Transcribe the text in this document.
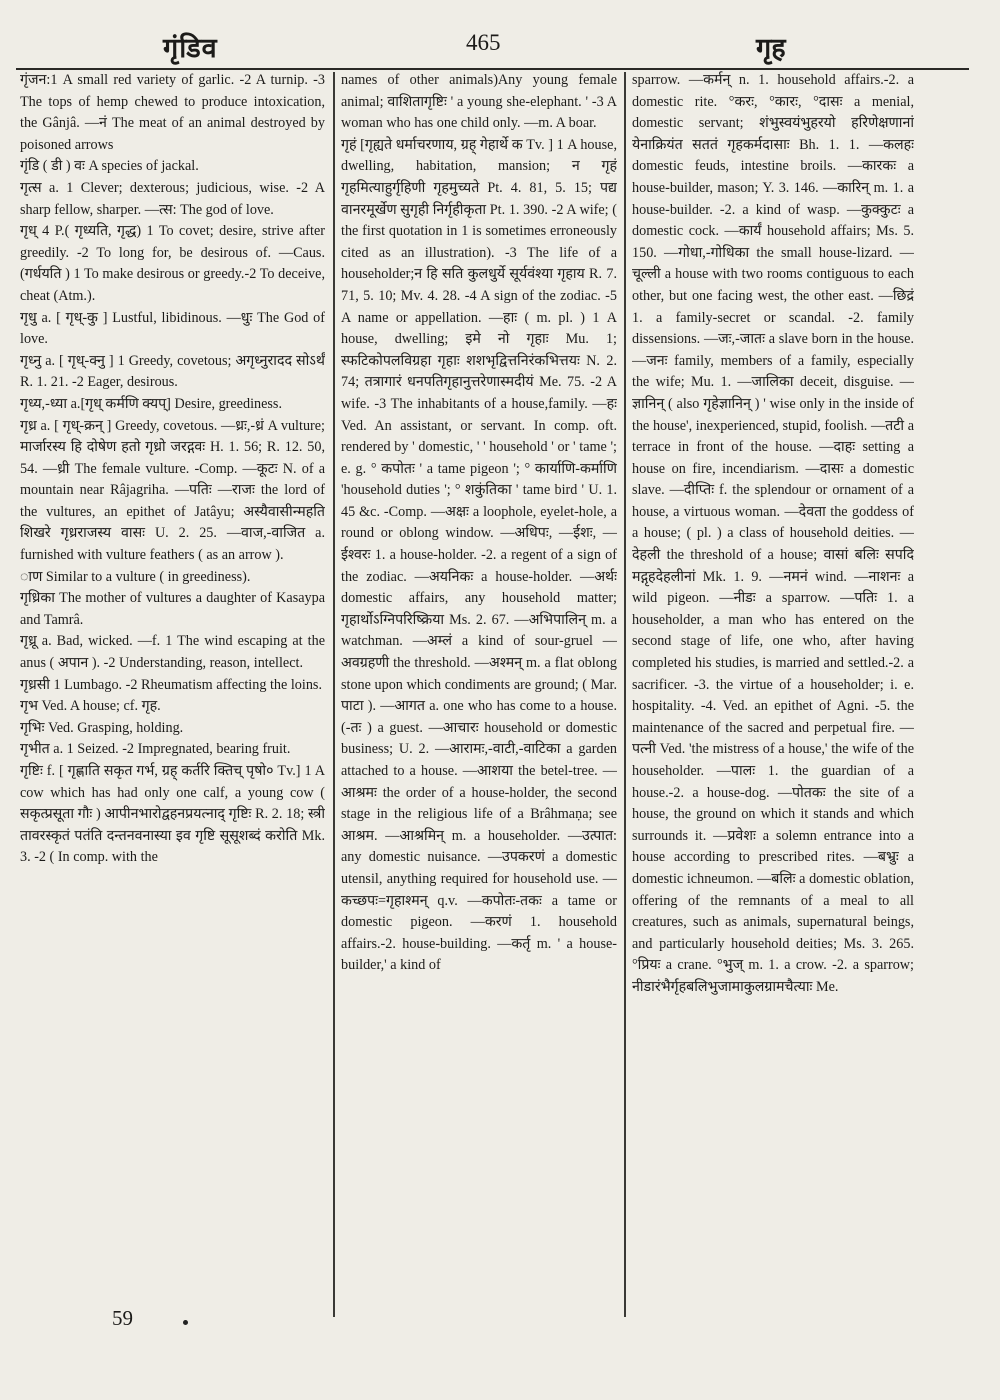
गृंडिव	465	गृह

गृंजन:1 A small red variety of garlic. -2 A turnip. -3 The tops of hemp chewed to produce intoxication, the Gânjâ. —नं The meat of an animal destroyed by poisoned arrows

गृंडि ( डी ) वः A species of jackal.

गृत्स a. 1 Clever; dexterous; judicious, wise. -2 A sharp fellow, sharper. —त्स: The god of love.

गृध् 4 P.( गृध्यति, गृद्ध) 1 To covet; desire, strive after greedily. -2 To long for, be desirous of. —Caus. (गर्धयति ) 1 To make desirous or greedy.-2 To deceive, cheat (Atm.).

गृधु a. [ गृध्-कु ] Lustful, libidinous. —धुः The God of love.

गृध्नु a. [ गृध्-क्नु ] 1 Greedy, covetous; अगृध्नुरादद सोऽर्थं R. 1. 21. -2 Eager, desirous.

गृध्य,-ध्या a.[गृध् कर्मणि क्यप्] Desire, greediness.

गृध्र a. [ गृध्-क्रन् ] Greedy, covetous. —ध्रः,-ध्रं A vulture; मार्जारस्य हि दोषेण हतो गृध्रो जरद्गवः H. 1. 56; R. 12. 50, 54. —ध्री The female vulture. -Comp. —कूटः N. of a mountain near Râjagriha. —पतिः —राजः the lord of the vultures, an epithet of Jatâyu; अस्यैवासीन्महति शिखरे गृध्रराजस्य वासः U. 2. 25. —वाज,-वाजित a. furnished with vulture feathers ( as an arrow ).

ाण Similar to a vulture ( in greediness).

गृध्रिका The mother of vultures a daughter of Kasaypa and Tamrâ.

गृध्रू a. Bad, wicked. —f. 1 The wind escaping at the anus ( अपान ). -2 Understanding, reason, intellect.

गृध्रसी 1 Lumbago. -2 Rheumatism affecting the loins.

गृभ Ved. A house; cf. गृह.

गृभिः Ved. Grasping, holding.

गृभीत a. 1 Seized. -2 Impregnated, bearing fruit.

गृष्टिः f. [ गृह्णाति सकृत गर्भ, ग्रह् कर्तरि क्तिच् पृषो० Tv.] 1 A cow which has had only one calf, a young cow ( सकृत्प्रसूता गौः ) आपीनभारोद्वहनप्रयत्नाद् गृष्टिः R. 2. 18; स्त्री तावरस्कृतं पतंति दन्तनवनास्या इव गृष्टि सूसूशब्दं करोति Mk. 3. -2 ( In comp. with the

names of other animals)Any young female animal; वाशितागृष्टिः ' a young she-elephant. ' -3 A woman who has one child only. —m. A boar.

गृहं [गृह्यते धर्माचरणाय, ग्रह् गेहार्थे क Tv. ] 1 A house, dwelling, habitation, mansion; न गृहं गृहमित्याहुर्गृहिणी गृहमुच्यते Pt. 4. 81, 5. 15; पद्य वानरमूर्खेण सुगृही निर्गृहीकृता Pt. 1. 390. -2 A wife; ( the first quotation in 1 is sometimes erroneously cited as an illustration). -3 The life of a householder;न हि सति कुलधुर्ये सूर्यवंश्या गृहाय R. 7. 71, 5. 10; Mv. 4. 28. -4 A sign of the zodiac. -5 A name or appellation. —हाः ( m. pl. ) 1 A house, dwelling; इमे नो गृहाः Mu. 1; स्फटिकोपलविग्रहा गृहाः शशभृद्वित्तनिरंकभित्तयः N. 2. 74; तत्रागारं धनपतिगृहानुत्तरेणास्मदीयं Me. 75. -2 A wife. -3 The inhabitants of a house,family. —हः Ved. An assistant, or servant. In comp. oft. rendered by ' domestic, ' ' household ' or ' tame '; e. g. ° कपोतः ' a tame pigeon '; ° कार्याणि-कर्माणि 'household duties '; ° शकुंतिका ' tame bird ' U. 1. 45 &c. -Comp. —अक्षः a loophole, eyelet-hole, a round or oblong window. —अधिपः, —ईशः, —ईश्वरः 1. a house-holder. -2. a regent of a sign of the zodiac. —अयनिकः a house-holder. —अर्थः domestic affairs, any household matter; गृहार्थोऽग्निपरिष्क्रिया Ms. 2. 67. —अभिपालिन् m. a watchman. —अम्लं a kind of sour-gruel —अवग्रहणी the threshold. —अश्मन् m. a flat oblong stone upon which condiments are ground; ( Mar. पाटा ). —आगत a. one who has come to a house. (-तः ) a guest. —आचारः household or domestic business; U. 2. —आरामः,-वाटी,-वाटिका a garden attached to a house. —आशया the betel-tree. —आश्रमः the order of a house-holder, the second stage in the religious life of a Brâhmaṇa; see आश्रम. —आश्रमिन् m. a householder. —उत्पात: any domestic nuisance. —उपकरणं a domestic utensil, anything required for household use. —कच्छपः=गृहाश्मन् q.v. —कपोतः-तकः a tame or domestic pigeon. —करणं 1. household affairs.-2. house-building. —कर्तृ m. ' a house-builder,' a kind of

sparrow. —कर्मन् n. 1. household affairs.-2. a domestic rite. °करः, °कारः, °दासः a menial, domestic servant; शंभुस्वयंभुहरयो हरिणेक्षणानां येनाक्रियंत सततं गृहकर्मदासाः Bh. 1. 1. —कलहः domestic feuds, intestine broils. —कारकः a house-builder, mason; Y. 3. 146. —कारिन् m. 1. a house-builder. -2. a kind of wasp. —कुक्कुटः a domestic cock. —कार्यं household affairs; Ms. 5. 150. —गोधा,-गोधिका the small house-lizard. —चूल्ली a house with two rooms contiguous to each other, but one facing west, the other east. —छिद्रं 1. a family-secret or scandal. -2. family dissensions. —जः,-जातः a slave born in the house. —जनः family, members of a family, especially the wife; Mu. 1. —जालिका deceit, disguise. —ज्ञानिन् ( also गृहेज्ञानिन् ) ' wise only in the inside of the house', inexperienced, stupid, foolish. —तटी a terrace in front of the house. —दाहः setting a house on fire, incendiarism. —दासः a domestic slave. —दीप्तिः f. the splendour or ornament of a house, a virtuous woman. —देवता the goddess of a house; ( pl. ) a class of household deities. —देहली the threshold of a house; वासां बलिः सपदि मद्गृहदेहलीनां Mk. 1. 9. —नमनं wind. —नाशनः a wild pigeon. —नीडः a sparrow. —पतिः 1. a householder, a man who has entered on the second stage of life, one who, after having completed his studies, is married and settled.-2. a sacrificer. -3. the virtue of a householder; i. e. hospitality. -4. Ved. an epithet of Agni. -5. the maintenance of the sacred and perpetual fire. —पत्नी Ved. 'the mistress of a house,' the wife of the householder. —पालः 1. the guardian of a house.-2. a house-dog. —पोतकः the site of a house, the ground on which it stands and which surrounds it. —प्रवेशः a solemn entrance into a house according to prescribed rites. —बभ्रुः a domestic ichneumon. —बलिः a domestic oblation, offering of the remnants of a meal to all creatures, such as animals, supernatural beings, and particularly household deities; Ms. 3. 265. °प्रियः a crane. °भुज् m. 1. a crow. -2. a sparrow; नीडारंभैर्गृहबलिभुजामाकुलग्रामचैत्याः Me.

59
